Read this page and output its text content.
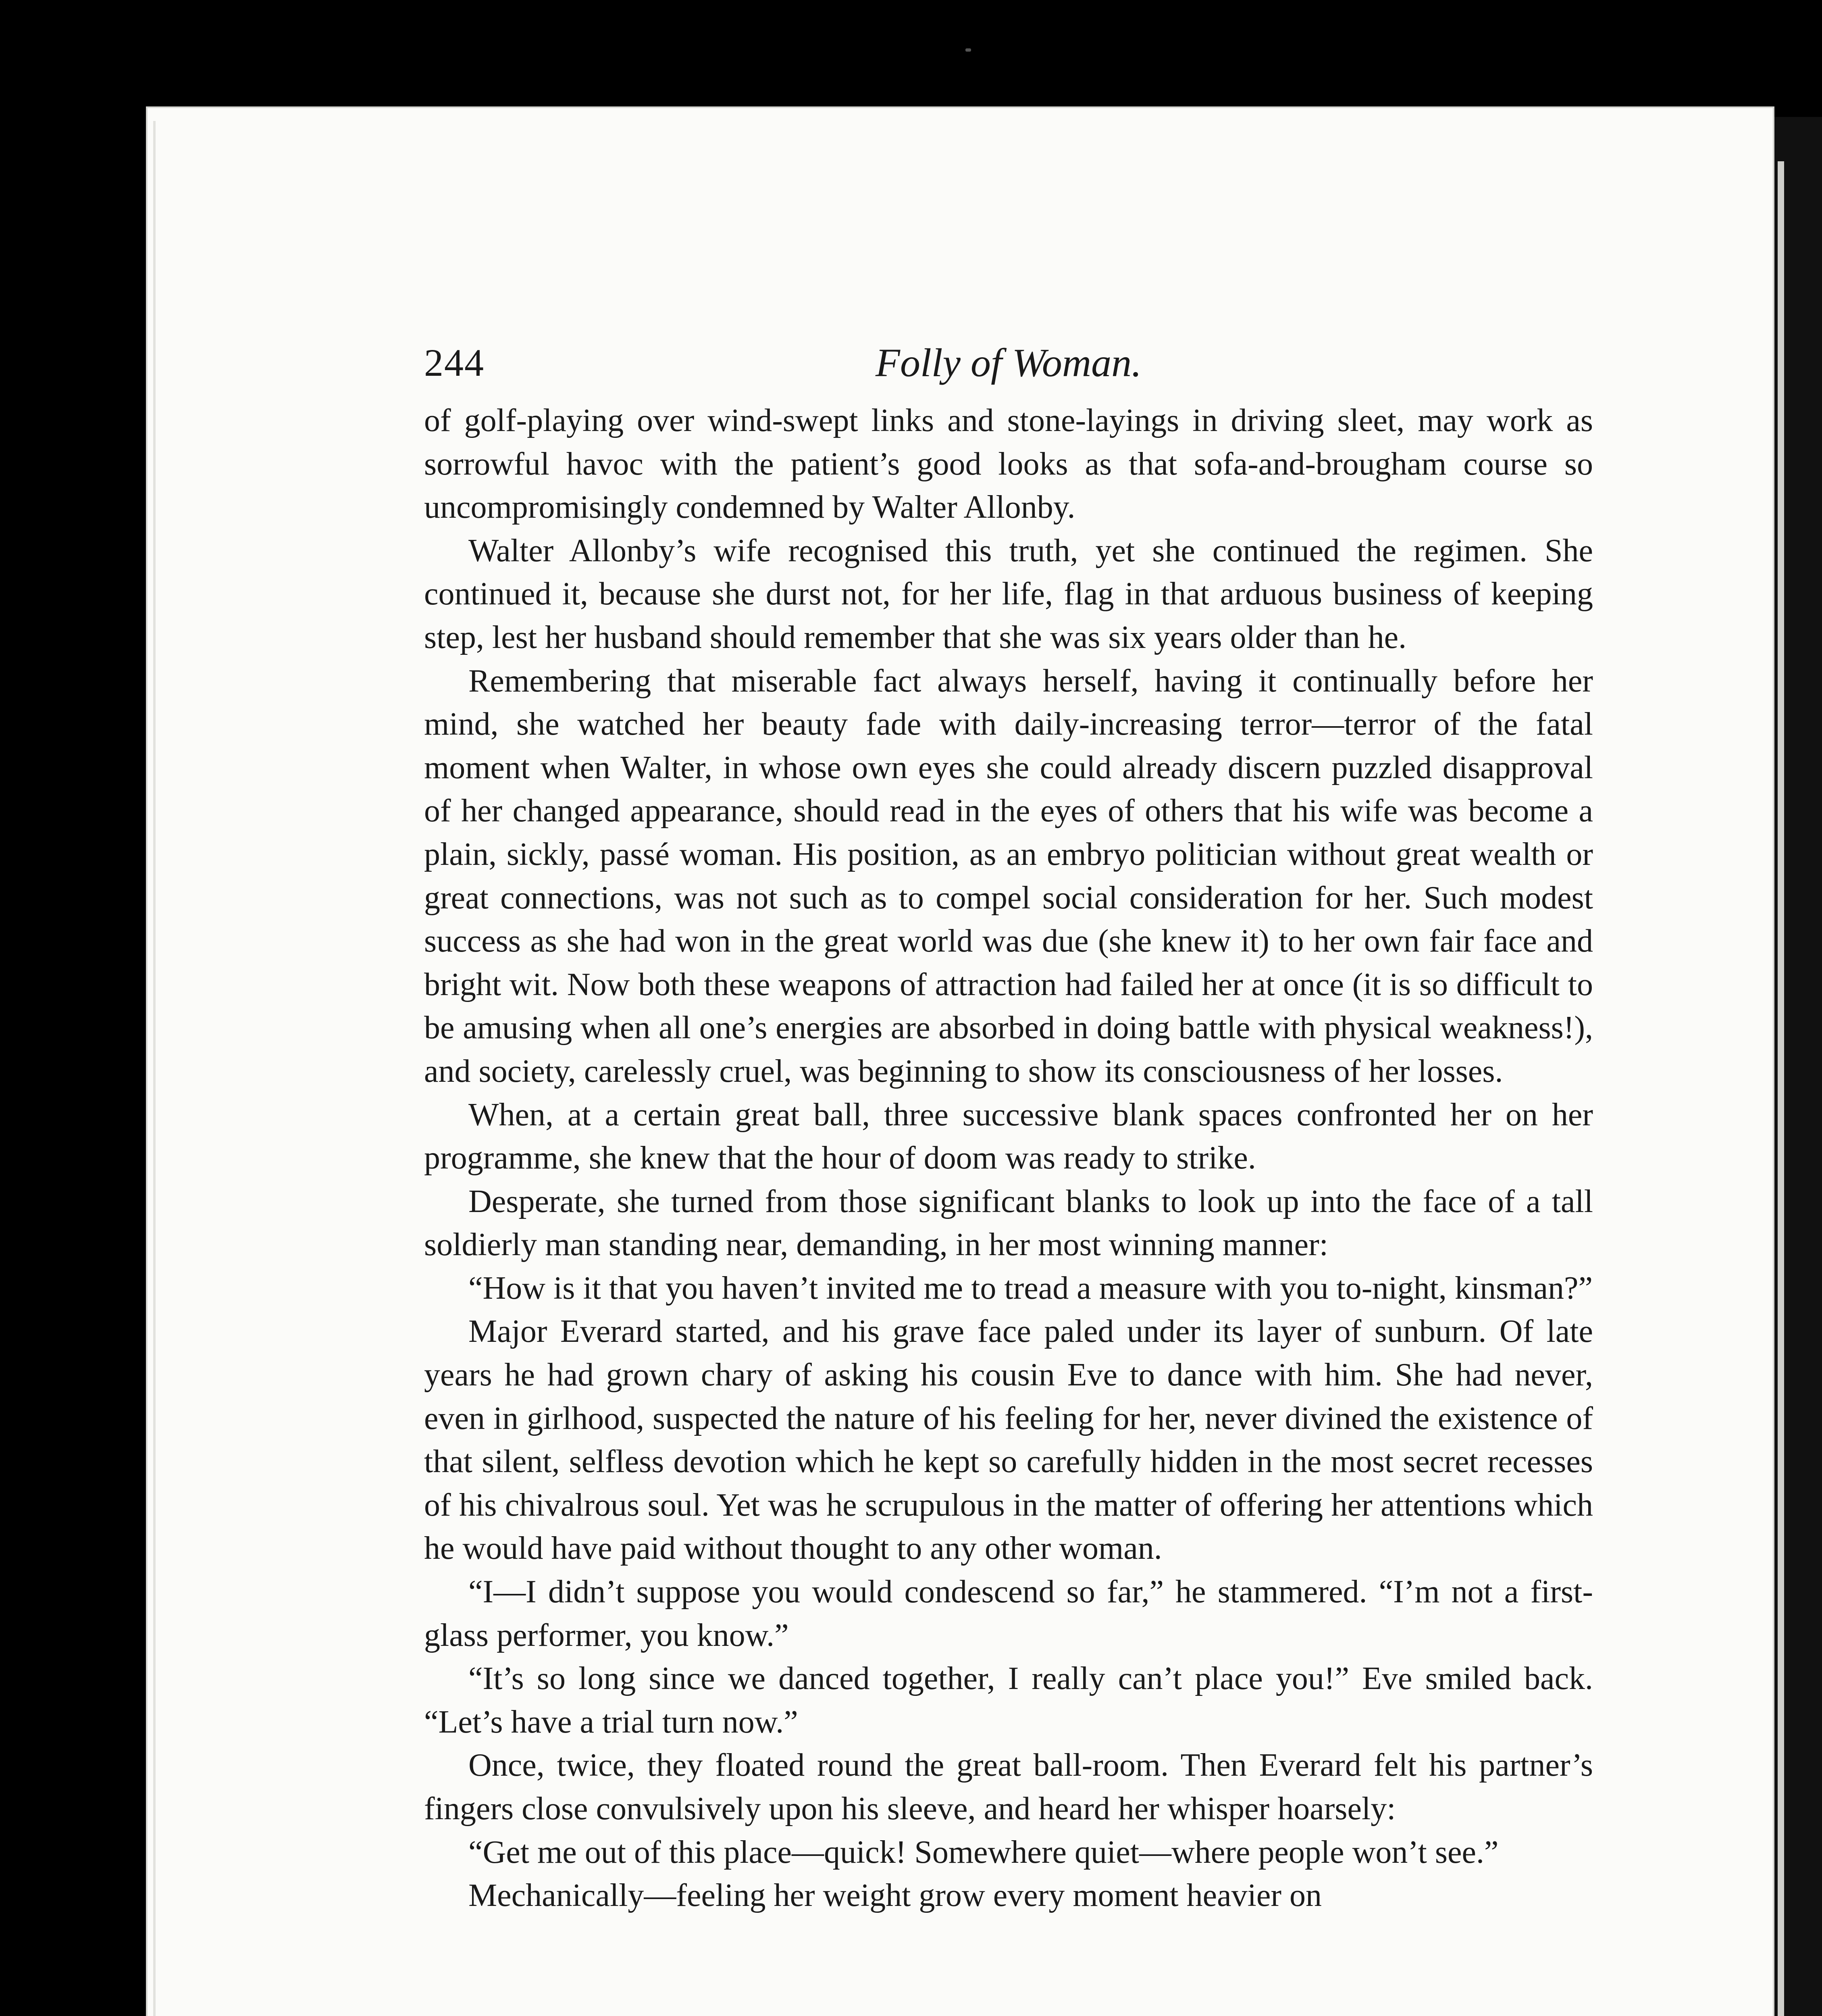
244	Folly of Woman.

of golf-playing over wind-swept links and stone-layings in driving sleet, may work as sorrowful havoc with the patient’s good looks as that sofa-and-brougham course so uncompromisingly condemned by Walter Allonby.

Walter Allonby’s wife recognised this truth, yet she continued the regimen. She continued it, because she durst not, for her life, flag in that arduous business of keeping step, lest her husband should remember that she was six years older than he.

Remembering that miserable fact always herself, having it continually before her mind, she watched her beauty fade with daily-increasing terror—terror of the fatal moment when Walter, in whose own eyes she could already discern puzzled disapproval of her changed appearance, should read in the eyes of others that his wife was become a plain, sickly, passé woman. His position, as an embryo politician without great wealth or great connections, was not such as to compel social consideration for her. Such modest success as she had won in the great world was due (she knew it) to her own fair face and bright wit. Now both these weapons of attraction had failed her at once (it is so difficult to be amusing when all one’s energies are absorbed in doing battle with physical weakness!), and society, carelessly cruel, was beginning to show its consciousness of her losses.

When, at a certain great ball, three successive blank spaces confronted her on her programme, she knew that the hour of doom was ready to strike.

Desperate, she turned from those significant blanks to look up into the face of a tall soldierly man standing near, demanding, in her most winning manner:

“How is it that you haven’t invited me to tread a measure with you to-night, kinsman?”

Major Everard started, and his grave face paled under its layer of sunburn. Of late years he had grown chary of asking his cousin Eve to dance with him. She had never, even in girlhood, suspected the nature of his feeling for her, never divined the existence of that silent, selfless devotion which he kept so carefully hidden in the most secret recesses of his chivalrous soul. Yet was he scrupulous in the matter of offering her attentions which he would have paid without thought to any other woman.

“I—I didn’t suppose you would condescend so far,” he stammered. “I’m not a first-glass performer, you know.”

“It’s so long since we danced together, I really can’t place you!” Eve smiled back. “Let’s have a trial turn now.”

Once, twice, they floated round the great ball-room. Then Everard felt his partner’s fingers close convulsively upon his sleeve, and heard her whisper hoarsely:

“Get me out of this place—quick! Somewhere quiet—where people won’t see.”

Mechanically—feeling her weight grow every moment heavier on
